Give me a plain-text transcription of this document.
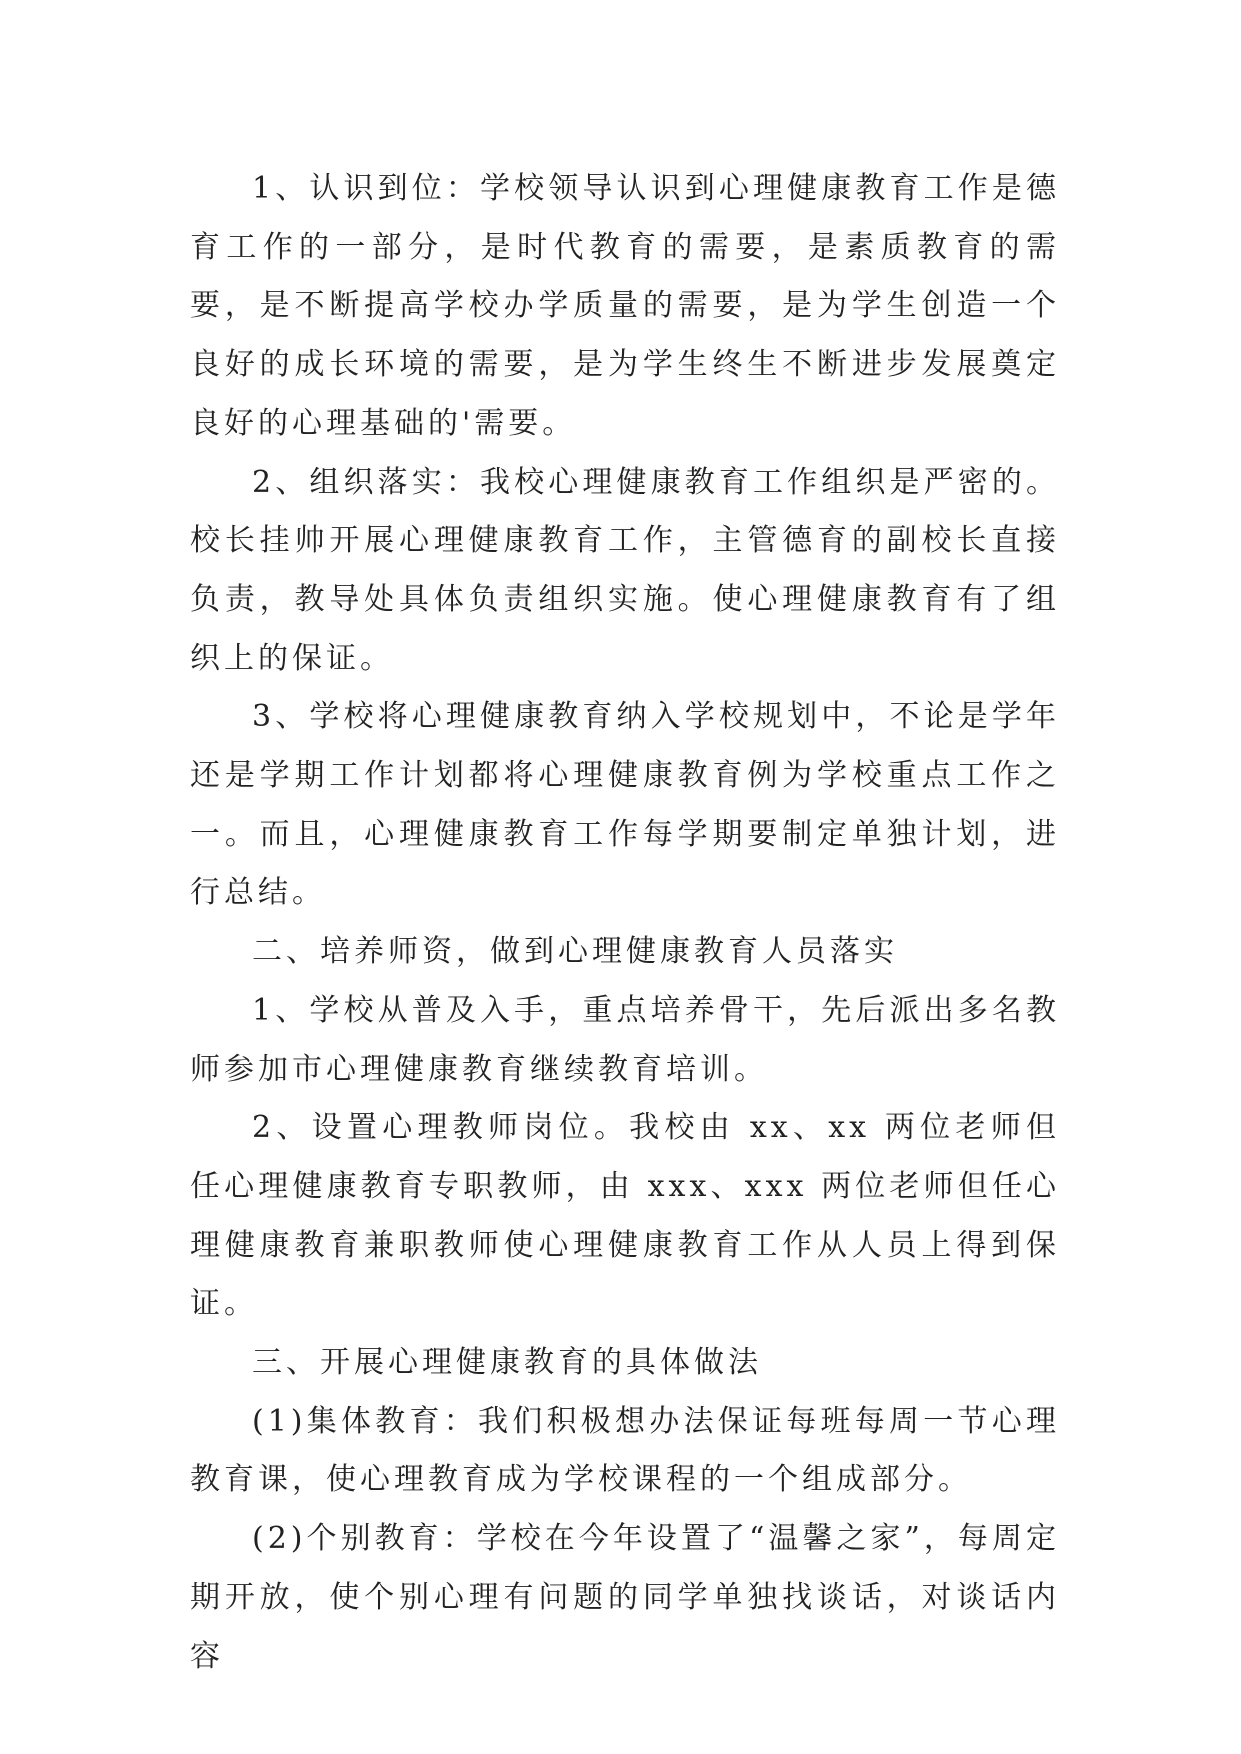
1、认识到位：学校领导认识到心理健康教育工作是德育工作的一部分，是时代教育的需要，是素质教育的需要，是不断提高学校办学质量的需要，是为学生创造一个良好的成长环境的需要，是为学生终生不断进步发展奠定良好的心理基础的'需要。

2、组织落实：我校心理健康教育工作组织是严密的。校长挂帅开展心理健康教育工作，主管德育的副校长直接负责，教导处具体负责组织实施。使心理健康教育有了组织上的保证。

3、学校将心理健康教育纳入学校规划中，不论是学年还是学期工作计划都将心理健康教育例为学校重点工作之一。而且，心理健康教育工作每学期要制定单独计划，进行总结。

二、培养师资，做到心理健康教育人员落实

1、学校从普及入手，重点培养骨干，先后派出多名教师参加市心理健康教育继续教育培训。

2、设置心理教师岗位。我校由 xx、xx 两位老师但任心理健康教育专职教师，由 xxx、xxx 两位老师但任心理健康教育兼职教师使心理健康教育工作从人员上得到保证。

三、开展心理健康教育的具体做法

(1)集体教育：我们积极想办法保证每班每周一节心理教育课，使心理教育成为学校课程的一个组成部分。

(2)个别教育：学校在今年设置了“温馨之家”，每周定期开放，使个别心理有问题的同学单独找谈话，对谈话内容
